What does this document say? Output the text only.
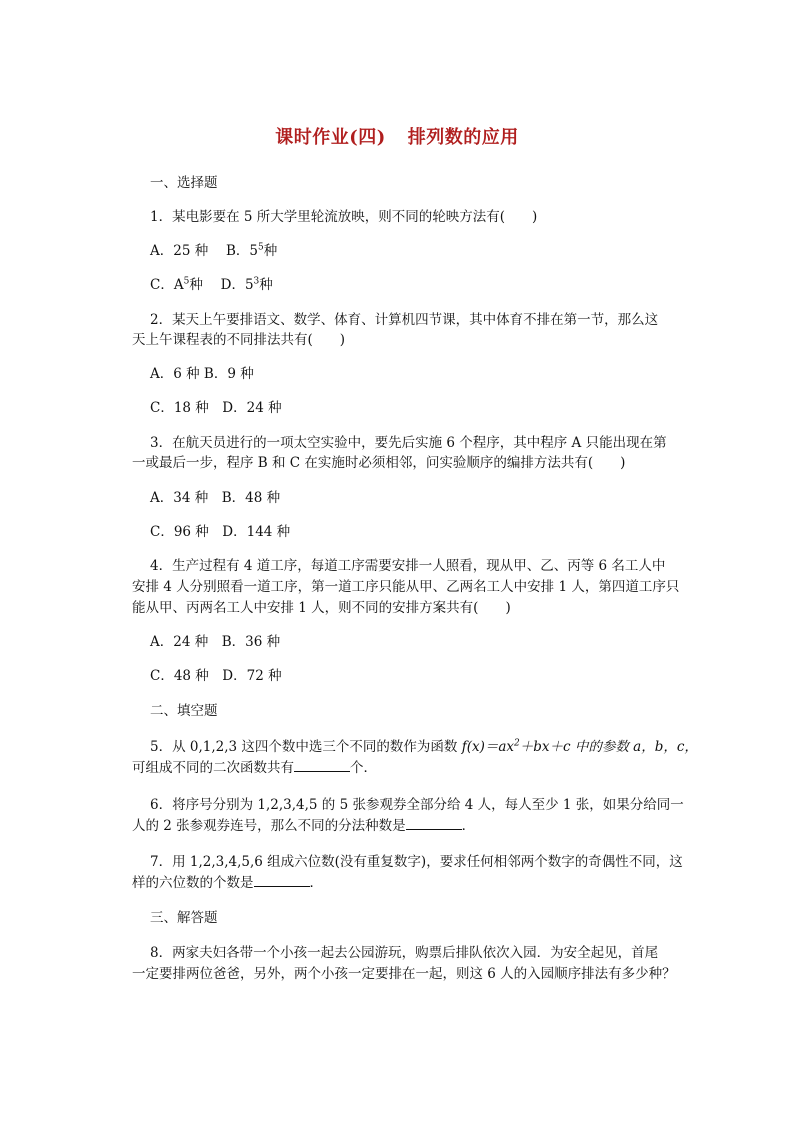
课时作业(四) 排列数的应用
一、选择题
1．某电影要在 5 所大学里轮流放映，则不同的轮映方法有(　　)
A．25 种　 B．$5^5$种
C．$A^5$种　 D．$5^3$种
2．某天上午要排语文、数学、体育、计算机四节课，其中体育不排在第一节，那么这
天上午课程表的不同排法共有(　　)
A．6 种 B．9 种
C．18 种　D．24 种
3．在航天员进行的一项太空实验中，要先后实施 6 个程序，其中程序 A 只能出现在第
一或最后一步，程序 B 和 C 在实施时必须相邻，问实验顺序的编排方法共有(　　)
A．34 种　B．48 种
C．96 种　D．144 种
4．生产过程有 4 道工序，每道工序需要安排一人照看，现从甲、乙、丙等 6 名工人中
安排 4 人分别照看一道工序，第一道工序只能从甲、乙两名工人中安排 1 人，第四道工序只
能从甲、丙两名工人中安排 1 人，则不同的安排方案共有(　　)
A．24 种　B．36 种
C．48 种　D．72 种
二、填空题
5．从 0,1,2,3 这四个数中选三个不同的数作为函数 $f(x)=ax^2+bx+c$ 中的参数 a，b，c，
可组成不同的二次函数共有	个．
6．将序号分别为 1,2,3,4,5 的 5 张参观券全部分给 4 人，每人至少 1 张，如果分给同一
人的 2 张参观券连号，那么不同的分法种数是	．
7．用 1,2,3,4,5,6 组成六位数(没有重复数字)，要求任何相邻两个数字的奇偶性不同，这
样的六位数的个数是	．
三、解答题
8．两家夫妇各带一个小孩一起去公园游玩，购票后排队依次入园．为安全起见，首尾
一定要排两位爸爸，另外，两个小孩一定要排在一起，则这 6 人的入园顺序排法有多少种？
